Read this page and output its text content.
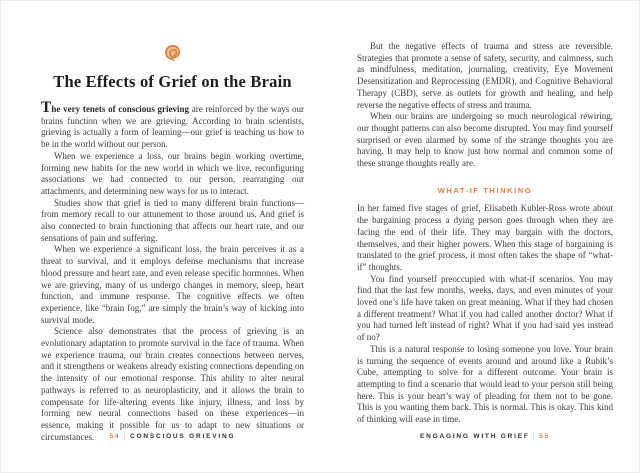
The Effects of Grief on the Brain

The very tenets of conscious grieving are reinforced by the ways our brains function when we are grieving. According to brain scientists, grieving is actually a form of learning—our grief is teaching us how to be in the world without our person.

When we experience a loss, our brains begin working overtime, forming new habits for the new world in which we live, reconfiguring associations we had connected to our person, rearranging our attachments, and determining new ways for us to interact.

Studies show that grief is tied to many different brain functions—from memory recall to our attunement to those around us. And grief is also connected to brain functioning that affects our heart rate, and our sensations of pain and suffering.

When we experience a significant loss, the brain perceives it as a threat to survival, and it employs defense mechanisms that increase blood pressure and heart rate, and even release specific hormones. When we are grieving, many of us undergo changes in memory, sleep, heart function, and immune response. The cognitive effects we often experience, like “brain fog,” are simply the brain’s way of kicking into survival mode.

Science also demonstrates that the process of grieving is an evolutionary adaptation to promote survival in the face of trauma. When we experience trauma, our brain creates connections between nerves, and it strengthens or weakens already existing connections depending on the intensity of our emotional response. This ability to alter neural pathways is referred to as neuroplasticity, and it allows the brain to compensate for life-altering events like injury, illness, and loss by forming new neural connections based on these experiences—in essence, making it possible for us to adapt to new situations or circumstances.	54 | CONSCIOUS GRIEVING

But the negative effects of trauma and stress are reversible. Strategies that promote a sense of safety, security, and calmness, such as mindfulness, meditation, journaling, creativity, Eye Movement Desensitization and Reprocessing (EMDR), and Cognitive Behavioral Therapy (CBD), serve as outlets for growth and healing, and help reverse the negative effects of stress and trauma.

When our brains are undergoing so much neurological rewiring, our thought patterns can also become disrupted. You may find yourself surprised or even alarmed by some of the strange thoughts you are having. It may help to know just how normal and common some of these strange thoughts really are.

WHAT-IF THINKING

In her famed five stages of grief, Elisabeth Kubler-Ross wrote about the bargaining process a dying person goes through when they are facing the end of their life. They may bargain with the doctors, themselves, and their higher powers. When this stage of bargaining is translated to the grief process, it most often takes the shape of “what-if” thoughts.

You find yourself preoccupied with what-if scenarios. You may find that the last few months, weeks, days, and even minutes of your loved one’s life have taken on great meaning. What if they had chosen a different treatment? What if you had called another doctor? What if you had turned left instead of right? What if you had said yes instead of no?

This is a natural response to losing someone you love. Your brain is turning the sequence of events around and around like a Rubik’s Cube, attempting to solve for a different outcome. Your brain is attempting to find a scenario that would lead to your person still being here. This is your heart’s way of pleading for them not to be gone. This is you wanting them back. This is normal. This is okay. This kind of thinking will ease in time.

ENGAGING WITH GRIEF | 55
